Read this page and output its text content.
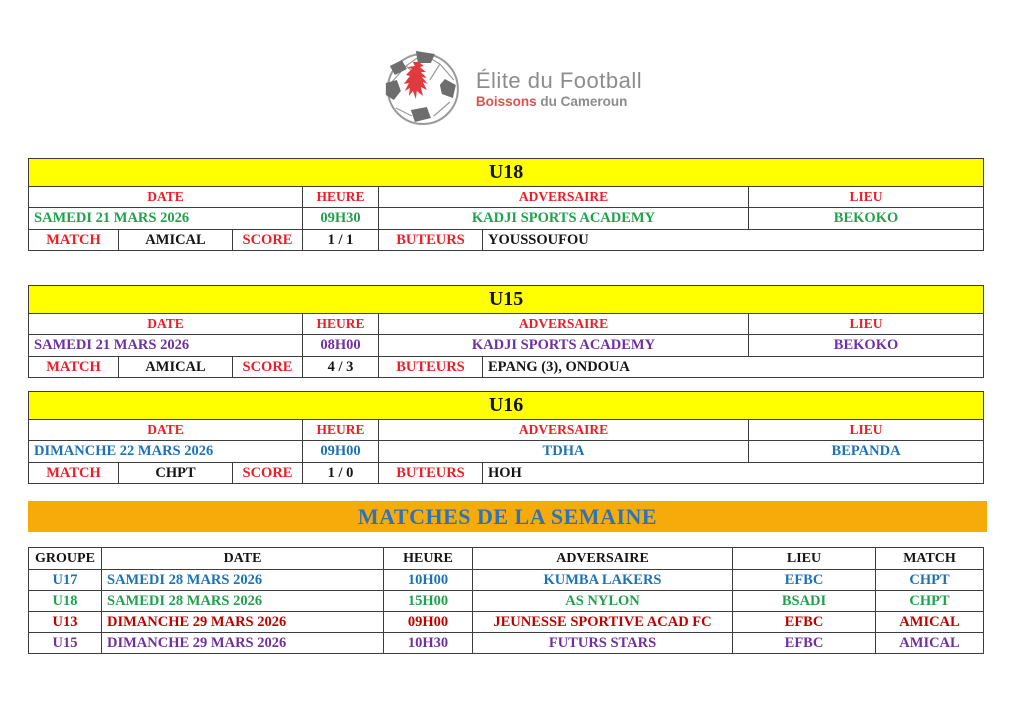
Élite du Football
Boissons du Cameroun
U18						
DATE			HEURE	ADVERSAIRE		LIEU
SAMEDI 21 MARS 2026			09H30	KADJI SPORTS ACADEMY		BEKOKO
MATCH	AMICAL	SCORE	1 / 1	BUTEURS	YOUSSOUFOU	
U15						
DATE			HEURE	ADVERSAIRE		LIEU
SAMEDI 21 MARS 2026			08H00	KADJI SPORTS ACADEMY		BEKOKO
MATCH	AMICAL	SCORE	4 / 3	BUTEURS	EPANG (3), ONDOUA	
U16						
DATE			HEURE	ADVERSAIRE		LIEU
DIMANCHE 22 MARS 2026			09H00	TDHA		BEPANDA
MATCH	CHPT	SCORE	1 / 0	BUTEURS	HOH	
MATCHES DE LA SEMAINE
GROUPE	DATE	HEURE	ADVERSAIRE	LIEU	MATCH
U17	SAMEDI 28 MARS 2026	10H00	KUMBA LAKERS	EFBC	CHPT
U18	SAMEDI 28 MARS 2026	15H00	AS NYLON	BSADI	CHPT
U13	DIMANCHE 29 MARS 2026	09H00	JEUNESSE SPORTIVE ACAD FC	EFBC	AMICAL
U15	DIMANCHE 29 MARS 2026	10H30	FUTURS STARS	EFBC	AMICAL
